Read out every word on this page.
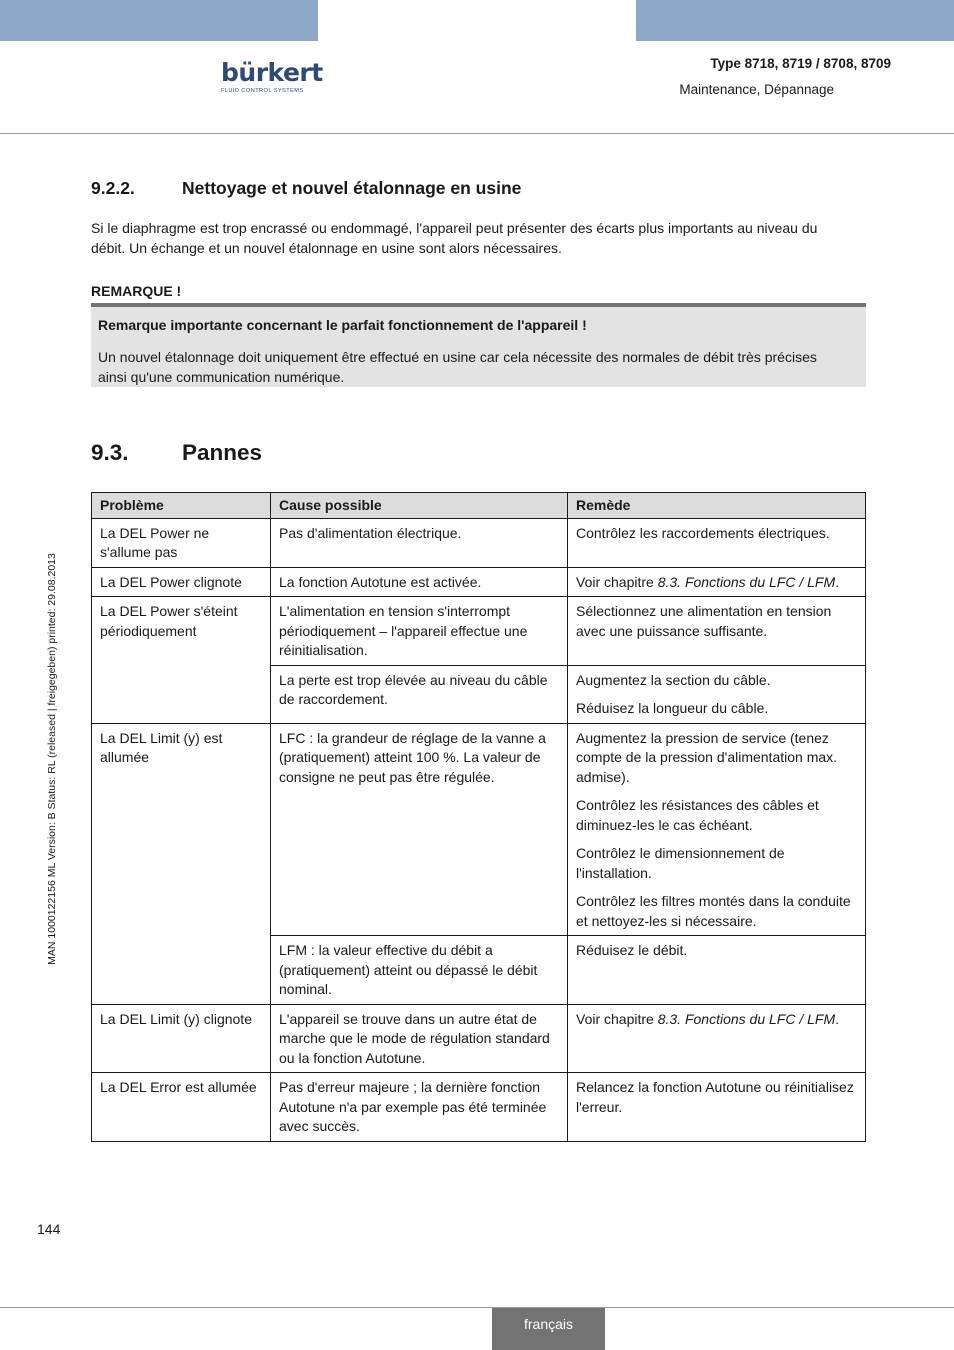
bürkert
FLUID CONTROL SYSTEMS
Type 8718, 8719 / 8708, 8709
Maintenance, Dépannage
MAN 1000122156 ML Version: B Status: RL (released | freigegeben) printed: 29.08.2013
9.2.2.	Nettoyage et nouvel étalonnage en usine

Si le diaphragme est trop encrassé ou endommagé, l'appareil peut présenter des écarts plus importants au niveau du débit. Un échange et un nouvel étalonnage en usine sont alors nécessaires.

REMARQUE !
Remarque importante concernant le parfait fonctionnement de l'appareil !
Un nouvel étalonnage doit uniquement être effectué en usine car cela nécessite des normales de débit très précises ainsi qu'une communication numérique.
9.3. Pannes
Problème	Cause possible	Remède
La DEL Power ne s'allume pas	Pas d'alimentation électrique.	Contrôlez les raccordements électriques.
La DEL Power clignote	La fonction Autotune est activée.	Voir chapitre 8.3. Fonctions du LFC / LFM.
La DEL Power s'éteint périodiquement	L'alimentation en tension s'interrompt périodiquement – l'appareil effectue une réinitialisation.	Sélectionnez une alimentation en tension avec une puissance suffisante.
	La perte est trop élevée au niveau du câble de raccordement.	Augmentez la section du câble.

Réduisez la longueur du câble.

La DEL Limit (y) est allumée	LFC : la grandeur de réglage de la vanne a (pratiquement) atteint 100 %. La valeur de consigne ne peut pas être régulée.	Augmentez la pression de service (tenez compte de la pression d'alimentation max. admise).

Contrôlez les résistances des câbles et diminuez-les le cas échéant.

Contrôlez le dimensionnement de l'installation.

Contrôlez les filtres montés dans la conduite et nettoyez-les si nécessaire.

	LFM : la valeur effective du débit a (pratiquement) atteint ou dépassé le débit nominal.	Réduisez le débit.
La DEL Limit (y) clignote	L'appareil se trouve dans un autre état de marche que le mode de régulation standard ou la fonction Autotune.	Voir chapitre 8.3. Fonctions du LFC / LFM.
La DEL Error est allumée	Pas d'erreur majeure ; la dernière fonction Autotune n'a par exemple pas été terminée avec succès.	Relancez la fonction Autotune ou réinitialisez l'erreur.
144
français
